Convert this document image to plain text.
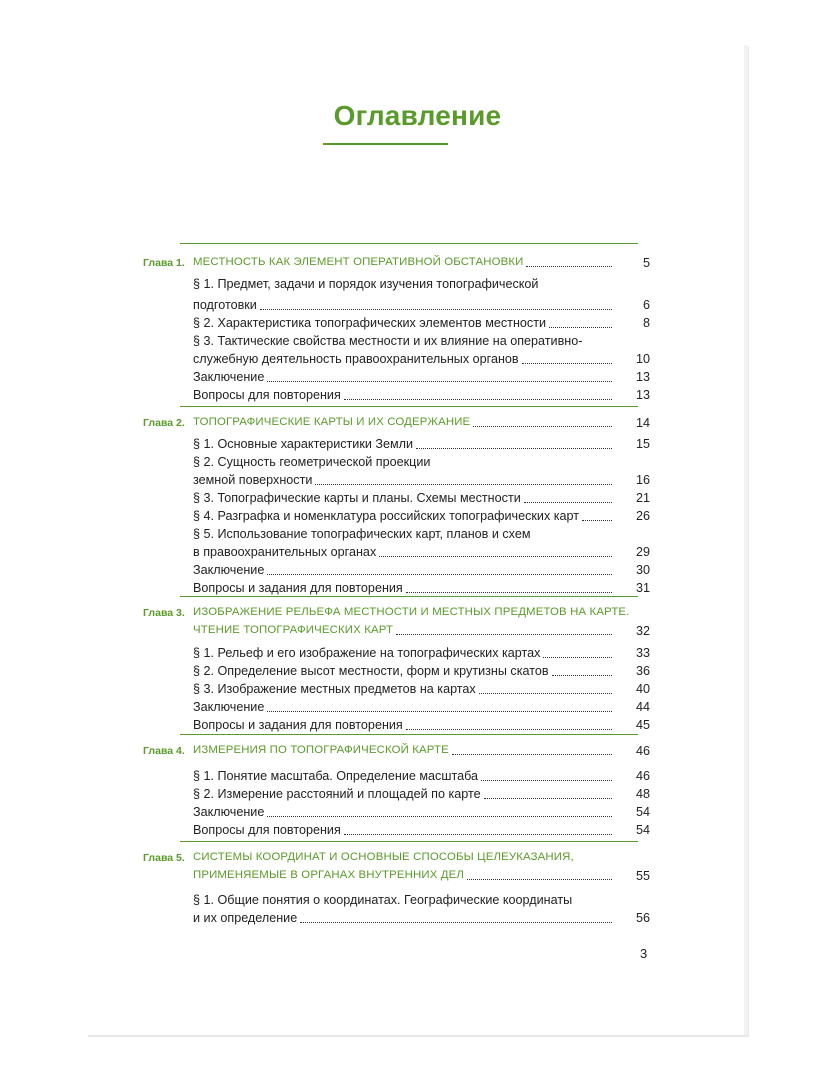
Оглавление
Глава 1. МЕСТНОСТЬ КАК ЭЛЕМЕНТ ОПЕРАТИВНОЙ ОБСТАНОВКИ	5
§ 1. Предмет, задачи и порядок изучения топографической
подготовки	6
§ 2. Характеристика топографических элементов местности	8
§ 3. Тактические свойства местности и их влияние на оперативно-
служебную деятельность правоохранительных органов	10
Заключение	13
Вопросы для повторения	13
Глава 2. ТОПОГРАФИЧЕСКИЕ КАРТЫ И ИХ СОДЕРЖАНИЕ	14
§ 1. Основные характеристики Земли	15
§ 2. Сущность геометрической проекции
земной поверхности	16
§ 3. Топографические карты и планы. Схемы местности	21
§ 4. Разграфка и номенклатура российских топографических карт	26
§ 5. Использование топографических карт, планов и схем
в правоохранительных органах	29
Заключение	30
Вопросы и задания для повторения	31
Глава 3. ИЗОБРАЖЕНИЕ РЕЛЬЕФА МЕСТНОСТИ И МЕСТНЫХ ПРЕДМЕТОВ НА КАРТЕ.
ЧТЕНИЕ ТОПОГРАФИЧЕСКИХ КАРТ	32
§ 1. Рельеф и его изображение на топографических картах	33
§ 2. Определение высот местности, форм и крутизны скатов	36
§ 3. Изображение местных предметов на картах	40
Заключение	44
Вопросы и задания для повторения	45
Глава 4. ИЗМЕРЕНИЯ ПО ТОПОГРАФИЧЕСКОЙ КАРТЕ	46
§ 1. Понятие масштаба. Определение масштаба	46
§ 2. Измерение расстояний и площадей по карте	48
Заключение	54
Вопросы для повторения	54
Глава 5. СИСТЕМЫ КООРДИНАТ И ОСНОВНЫЕ СПОСОБЫ ЦЕЛЕУКАЗАНИЯ,
ПРИМЕНЯЕМЫЕ В ОРГАНАХ ВНУТРЕННИХ ДЕЛ	55
§ 1. Общие понятия о координатах. Географические координаты
и их определение	56
3
